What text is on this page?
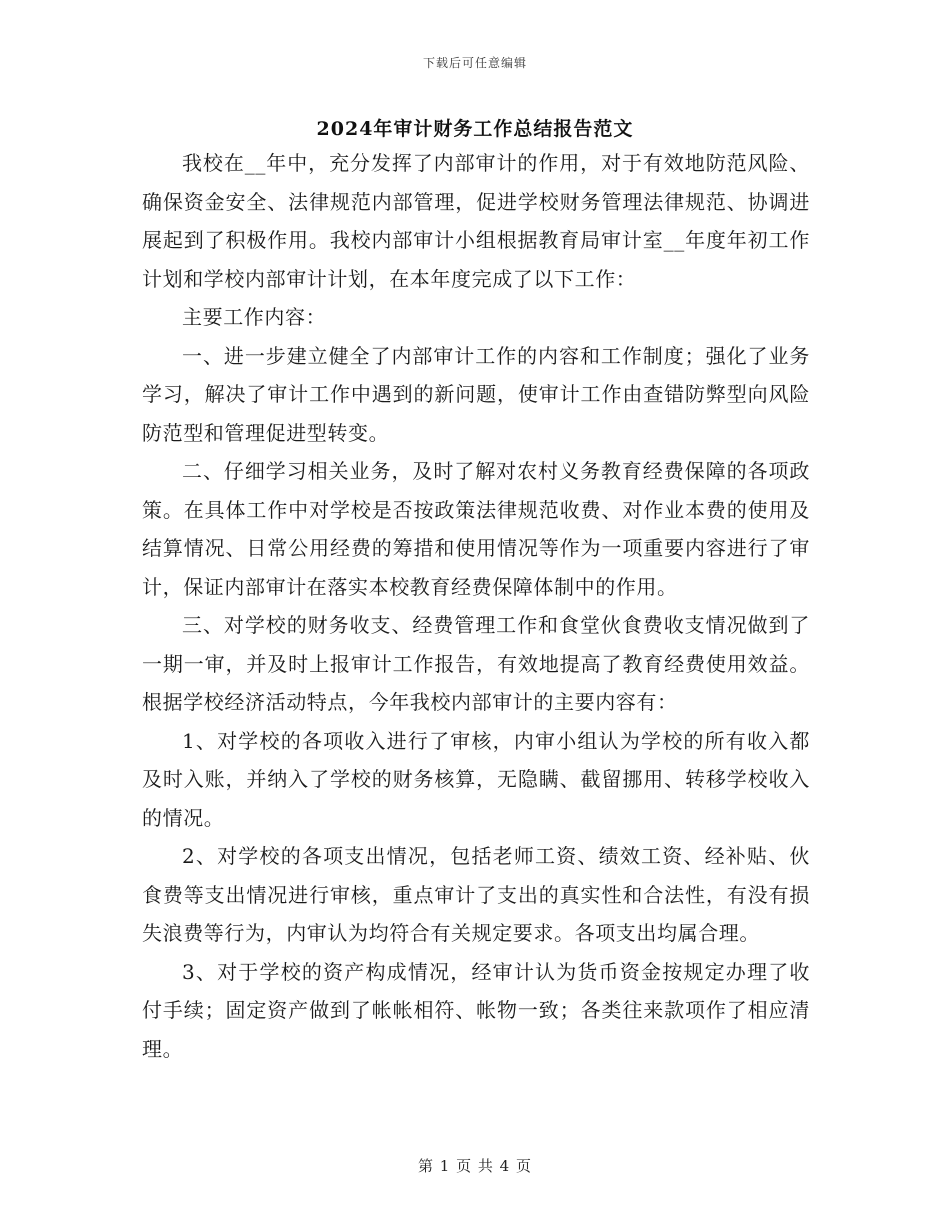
下载后可任意编辑
2024年审计财务工作总结报告范文

我校在__年中，充分发挥了内部审计的作用，对于有效地防范风险、确保资金安全、法律规范内部管理，促进学校财务管理法律规范、协调进展起到了积极作用。我校内部审计小组根据教育局审计室__年度年初工作计划和学校内部审计计划，在本年度完成了以下工作：

主要工作内容：

一、进一步建立健全了内部审计工作的内容和工作制度；强化了业务学习，解决了审计工作中遇到的新问题，使审计工作由查错防弊型向风险防范型和管理促进型转变。

二、仔细学习相关业务，及时了解对农村义务教育经费保障的各项政策。在具体工作中对学校是否按政策法律规范收费、对作业本费的使用及结算情况、日常公用经费的筹措和使用情况等作为一项重要内容进行了审计，保证内部审计在落实本校教育经费保障体制中的作用。

三、对学校的财务收支、经费管理工作和食堂伙食费收支情况做到了一期一审，并及时上报审计工作报告，有效地提高了教育经费使用效益。根据学校经济活动特点，今年我校内部审计的主要内容有：

1、对学校的各项收入进行了审核，内审小组认为学校的所有收入都及时入账，并纳入了学校的财务核算，无隐瞒、截留挪用、转移学校收入的情况。

2、对学校的各项支出情况，包括老师工资、绩效工资、经补贴、伙食费等支出情况进行审核，重点审计了支出的真实性和合法性，有没有损失浪费等行为，内审认为均符合有关规定要求。各项支出均属合理。

3、对于学校的资产构成情况，经审计认为货币资金按规定办理了收付手续；固定资产做到了帐帐相符、帐物一致；各类往来款项作了相应清理。

第 1 页 共 4 页
